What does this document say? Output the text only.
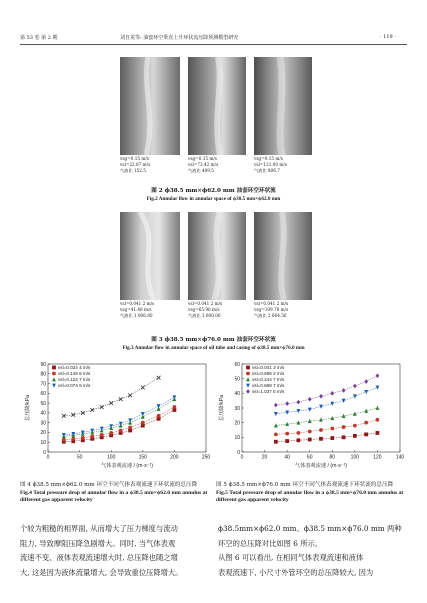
第 53 卷 第 2 期	刘自龙等: 油套环空垂直上升环状流压降预测模型研究	· 119 ·
vsg=0.15 m/s
vsl=22.87 m/s
气液比 152.5
vsg=0.15 m/s
vsl=73.42 m/s
气液比 489.5
vsg=0.15 m/s
vsl=121.00 m/s
气液比 806.7
图 2 ϕ38.5 mm×ϕ62.0 mm 油套环空环状流
Fig.2 Annular flow in annular space of ϕ38.5 mm×ϕ62.0 mm
vsl=0.041 2 m/s
vsg=41.48 m/s
气液比 1 006.80
vsl=0.041 2 m/s
vsg=65.90 m/s
气液比 1 600.00
vsl=0.041 2 m/s
vsg=109.78 m/s
气液比 2 664.56
图 3 ϕ38.5 mm×ϕ76.0 mm 油套环空环状流
Fig.3 Annular flow in annular space of oil tube and casing of ϕ38.5 mm×ϕ76.0 mm
0	50	100	150	200	250
0
10
20
30
40
50
60
70
80
90
气体表观流速 / (m·s⁻¹)
总压降/kPa
vsl=0.024 4 m/s
vsl=0.149 8 m/s
vsl=0.124 7 m/s
vsl=0.074 9 m/s
0	20	40	60	80	100	120	140
0
10
20
30
40
50
60
气体表观流速 / (m·s⁻¹)
总压降/kPa
vsl=0.041 3 m/s
vsl=0.686 2 m/s
vsl=0.244 7 m/s
vsl=0.688 7 m/s
vsl=1.037 5 m/s
图 4 ϕ38.5 mm×ϕ62.0 mm 环空不同气体表观流速下环状流的总压降
Fig.4 Total pressure drop of annular flow in a ϕ38.5 mm×ϕ62.0 mm annulus at different gas apparent velocity
图 5 ϕ38.5 mm×ϕ76.0 mm 环空不同气体表观流速下环状流的总压降
Fig.5 Total pressure drop of annular flow in a ϕ38.5 mm×ϕ76.0 mm annulus at different gas apparent velocity

个较为粗糙的相界面, 从而增大了压力梯度与流动

阻力, 导致摩阻压降急剧增大。同时, 当气体表观

流速不变、液体表观流速增大时, 总压降也随之增

大, 这是因为液体流量增大, 会导致重位压降增大。

ϕ38.5mm×ϕ62.0 mm、ϕ38.5 mm×ϕ76.0 mm 两种

环空的总压降对比如图 6 所示。

从图 6 可以看出, 在相同气体表观流速和液体

表观流速下, 小尺寸外管环空的总压降较大, 因为
